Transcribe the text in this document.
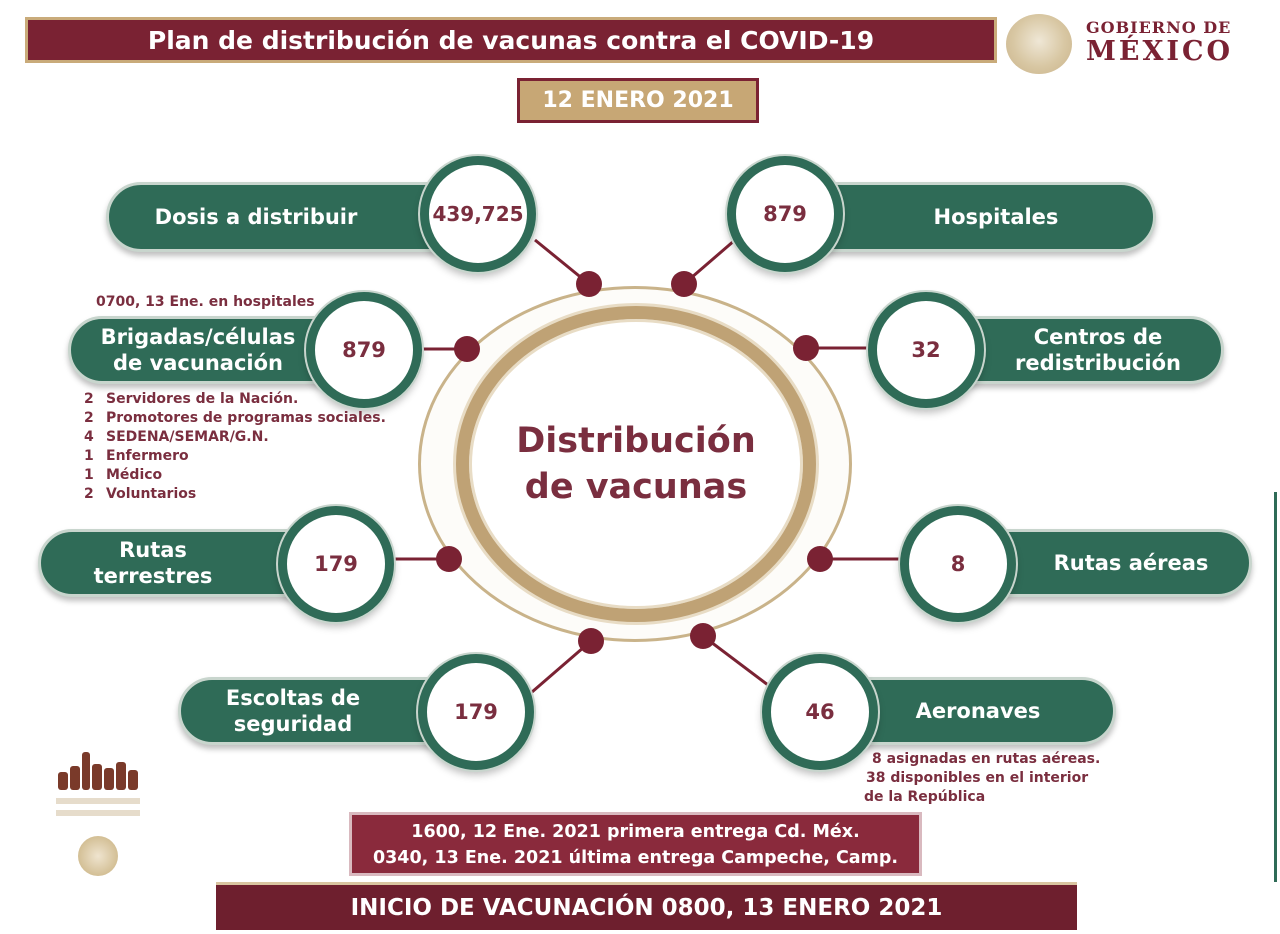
Plan de distribución de vacunas contra el COVID-19	GOBIERNO DE
MÉXICO
12 ENERO 2021
Distribución
de vacunas
Dosis a distribuir	439,725	Hospitales
879
0700, 13 Ene. en hospitales
Brigadas/células
de vacunación
879
2 Servidores de la Nación.
2 Promotores de programas sociales.
4 SEDENA/SEMAR/G.N.
1 Enfermero
1 Médico
2 Voluntarios
Centros de
redistribución
32
Rutas
terrestres	179	Rutas aéreas
8
Escoltas de
seguridad	179	Aeronaves
46
8 asignadas en rutas aéreas.
38 disponibles en el interior
de la República
1600, 12 Ene. 2021 primera entrega Cd. Méx.
0340, 13 Ene. 2021 última entrega Campeche, Camp.
INICIO DE VACUNACIÓN 0800, 13 ENERO 2021
